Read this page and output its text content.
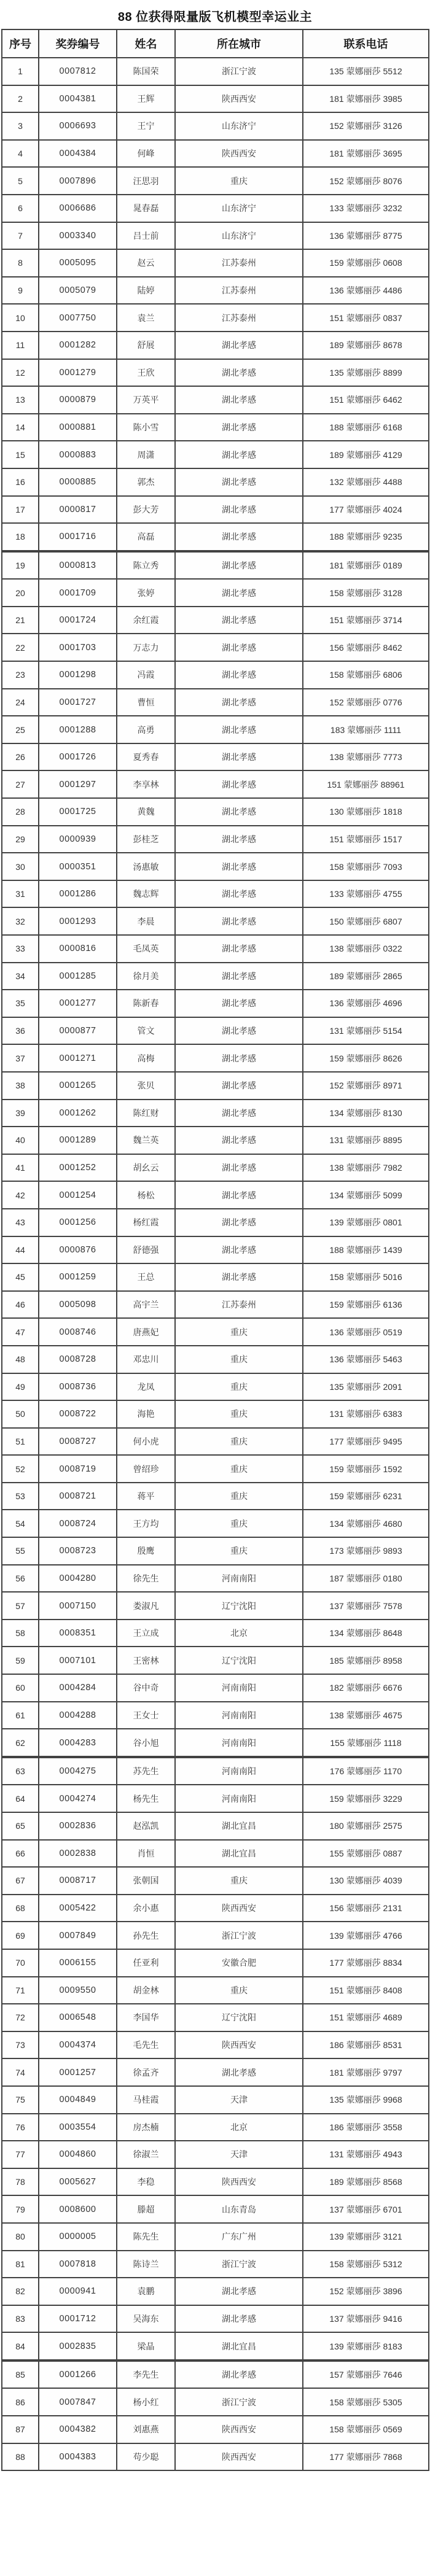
88 位获得限量版飞机模型幸运业主
序号	奖券编号	姓名	所在城市	联系电话
1	0007812	陈国荣	浙江宁波	135 蒙娜丽莎 5512
2	0004381	王辉	陕西西安	181 蒙娜丽莎 3985
3	0006693	王宁	山东济宁	152 蒙娜丽莎 3126
4	0004384	何峰	陕西西安	181 蒙娜丽莎 3695
5	0007896	汪思羽	重庆	152 蒙娜丽莎 8076
6	0006686	晁春磊	山东济宁	133 蒙娜丽莎 3232
7	0003340	吕士前	山东济宁	136 蒙娜丽莎 8775
8	0005095	赵云	江苏泰州	159 蒙娜丽莎 0608
9	0005079	陆婷	江苏泰州	136 蒙娜丽莎 4486
10	0007750	袁兰	江苏泰州	151 蒙娜丽莎 0837
11	0001282	舒展	湖北孝感	189 蒙娜丽莎 8678
12	0001279	王欣	湖北孝感	135 蒙娜丽莎 8899
13	0000879	万英平	湖北孝感	151 蒙娜丽莎 6462
14	0000881	陈小雪	湖北孝感	188 蒙娜丽莎 6168
15	0000883	周潇	湖北孝感	189 蒙娜丽莎 4129
16	0000885	郭杰	湖北孝感	132 蒙娜丽莎 4488
17	0000817	彭大芳	湖北孝感	177 蒙娜丽莎 4024
18	0001716	高磊	湖北孝感	188 蒙娜丽莎 9235
19	0000813	陈立秀	湖北孝感	181 蒙娜丽莎 0189
20	0001709	张婷	湖北孝感	158 蒙娜丽莎 3128
21	0001724	余红霞	湖北孝感	151 蒙娜丽莎 3714
22	0001703	万志力	湖北孝感	156 蒙娜丽莎 8462
23	0001298	冯霞	湖北孝感	158 蒙娜丽莎 6806
24	0001727	曹恒	湖北孝感	152 蒙娜丽莎 0776
25	0001288	高勇	湖北孝感	183 蒙娜丽莎 1111
26	0001726	夏秀春	湖北孝感	138 蒙娜丽莎 7773
27	0001297	李享林	湖北孝感	151 蒙娜丽莎 88961
28	0001725	黄魏	湖北孝感	130 蒙娜丽莎 1818
29	0000939	彭桂芝	湖北孝感	151 蒙娜丽莎 1517
30	0000351	汤惠敏	湖北孝感	158 蒙娜丽莎 7093
31	0001286	魏志辉	湖北孝感	133 蒙娜丽莎 4755
32	0001293	李晨	湖北孝感	150 蒙娜丽莎 6807
33	0000816	毛凤英	湖北孝感	138 蒙娜丽莎 0322
34	0001285	徐月美	湖北孝感	189 蒙娜丽莎 2865
35	0001277	陈新春	湖北孝感	136 蒙娜丽莎 4696
36	0000877	管文	湖北孝感	131 蒙娜丽莎 5154
37	0001271	高梅	湖北孝感	159 蒙娜丽莎 8626
38	0001265	张贝	湖北孝感	152 蒙娜丽莎 8971
39	0001262	陈红财	湖北孝感	134 蒙娜丽莎 8130
40	0001289	魏兰英	湖北孝感	131 蒙娜丽莎 8895
41	0001252	胡幺云	湖北孝感	138 蒙娜丽莎 7982
42	0001254	杨松	湖北孝感	134 蒙娜丽莎 5099
43	0001256	杨红霞	湖北孝感	139 蒙娜丽莎 0801
44	0000876	舒德强	湖北孝感	188 蒙娜丽莎 1439
45	0001259	王总	湖北孝感	158 蒙娜丽莎 5016
46	0005098	高宇兰	江苏泰州	159 蒙娜丽莎 6136
47	0008746	唐燕妃	重庆	136 蒙娜丽莎 0519
48	0008728	邓忠川	重庆	136 蒙娜丽莎 5463
49	0008736	龙凤	重庆	135 蒙娜丽莎 2091
50	0008722	海艳	重庆	131 蒙娜丽莎 6383
51	0008727	何小虎	重庆	177 蒙娜丽莎 9495
52	0008719	曾绍珍	重庆	159 蒙娜丽莎 1592
53	0008721	蒋平	重庆	159 蒙娜丽莎 6231
54	0008724	王方均	重庆	134 蒙娜丽莎 4680
55	0008723	殷鹰	重庆	173 蒙娜丽莎 9893
56	0004280	徐先生	河南南阳	187 蒙娜丽莎 0180
57	0007150	娄淑凡	辽宁沈阳	137 蒙娜丽莎 7578
58	0008351	王立成	北京	134 蒙娜丽莎 8648
59	0007101	王密林	辽宁沈阳	185 蒙娜丽莎 8958
60	0004284	谷中奇	河南南阳	182 蒙娜丽莎 6676
61	0004288	王女士	河南南阳	138 蒙娜丽莎 4675
62	0004283	谷小旭	河南南阳	155 蒙娜丽莎 1118
63	0004275	苏先生	河南南阳	176 蒙娜丽莎 1170
64	0004274	杨先生	河南南阳	159 蒙娜丽莎 3229
65	0002836	赵泓凯	湖北宜昌	180 蒙娜丽莎 2575
66	0002838	肖恒	湖北宜昌	155 蒙娜丽莎 0887
67	0008717	张朝国	重庆	130 蒙娜丽莎 4039
68	0005422	余小惠	陕西西安	156 蒙娜丽莎 2131
69	0007849	孙先生	浙江宁波	139 蒙娜丽莎 4766
70	0006155	任亚利	安徽合肥	177 蒙娜丽莎 8834
71	0009550	胡金林	重庆	151 蒙娜丽莎 8408
72	0006548	李国华	辽宁沈阳	151 蒙娜丽莎 4689
73	0004374	毛先生	陕西西安	186 蒙娜丽莎 8531
74	0001257	徐孟齐	湖北孝感	181 蒙娜丽莎 9797
75	0004849	马桂霞	天津	135 蒙娜丽莎 9968
76	0003554	房杰楠	北京	186 蒙娜丽莎 3558
77	0004860	徐淑兰	天津	131 蒙娜丽莎 4943
78	0005627	李稳	陕西西安	189 蒙娜丽莎 8568
79	0008600	滕超	山东青岛	137 蒙娜丽莎 6701
80	0000005	陈先生	广东广州	139 蒙娜丽莎 3121
81	0007818	陈诗兰	浙江宁波	158 蒙娜丽莎 5312
82	0000941	袁鹏	湖北孝感	152 蒙娜丽莎 3896
83	0001712	吴海东	湖北孝感	137 蒙娜丽莎 9416
84	0002835	梁晶	湖北宜昌	139 蒙娜丽莎 8183
85	0001266	李先生	湖北孝感	157 蒙娜丽莎 7646
86	0007847	杨小红	浙江宁波	158 蒙娜丽莎 5305
87	0004382	刘惠燕	陕西西安	158 蒙娜丽莎 0569
88	0004383	苟少聪	陕西西安	177 蒙娜丽莎 7868
